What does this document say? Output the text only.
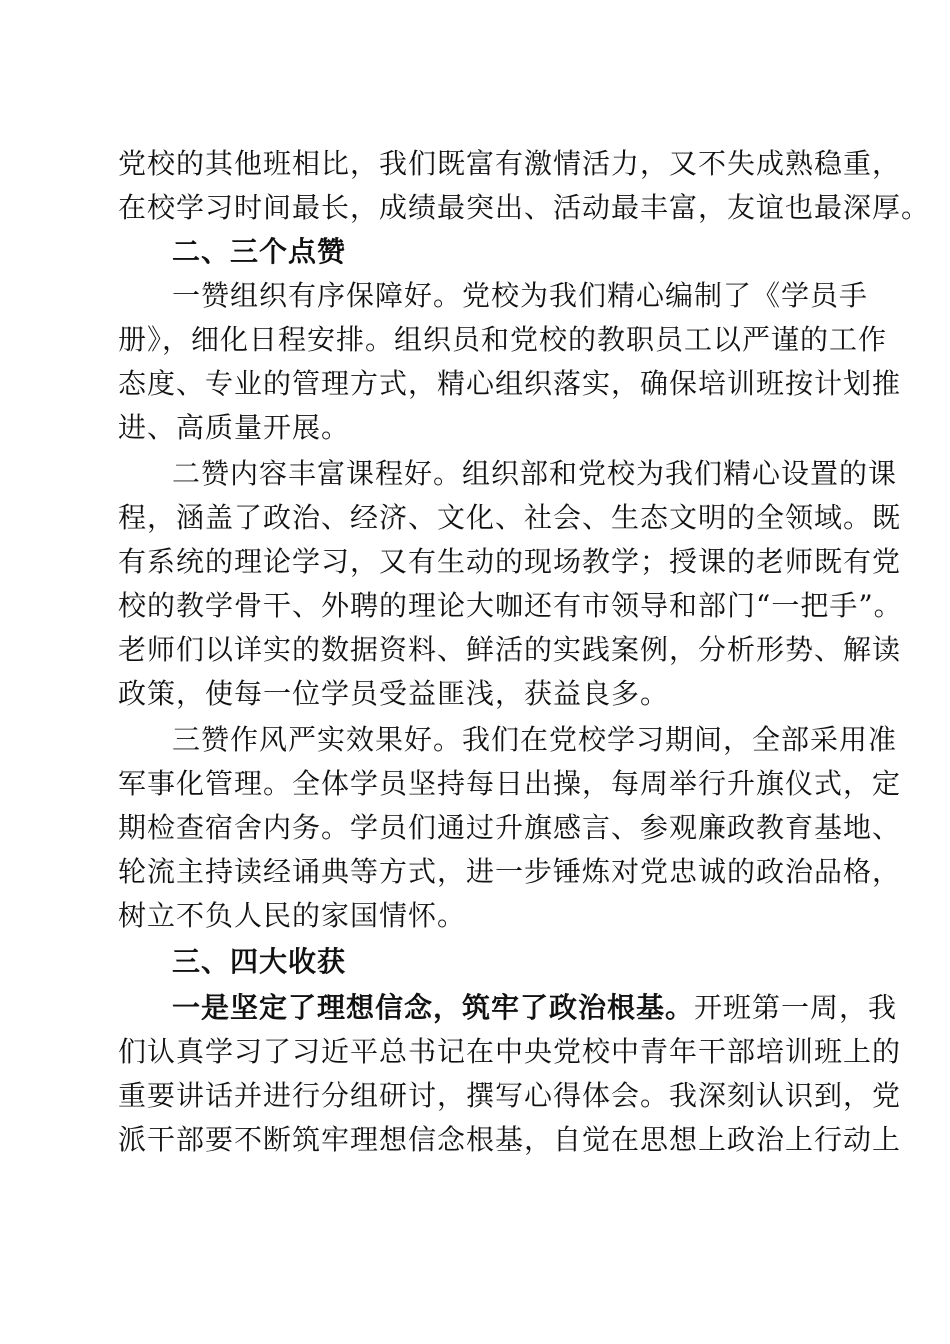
党校的其他班相比，我们既富有激情活力，又不失成熟稳重，
在校学习时间最长，成绩最突出、活动最丰富，友谊也最深厚。
二、三个点赞
一赞组织有序保障好。党校为我们精心编制了《学员手
册》，细化日程安排。组织员和党校的教职员工以严谨的工作
态度、专业的管理方式，精心组织落实，确保培训班按计划推
进、高质量开展。
二赞内容丰富课程好。组织部和党校为我们精心设置的课
程，涵盖了政治、经济、文化、社会、生态文明的全领域。既
有系统的理论学习，又有生动的现场教学；授课的老师既有党
校的教学骨干、外聘的理论大咖还有市领导和部门“一把手”。
老师们以详实的数据资料、鲜活的实践案例，分析形势、解读
政策，使每一位学员受益匪浅，获益良多。
三赞作风严实效果好。我们在党校学习期间，全部采用准
军事化管理。全体学员坚持每日出操，每周举行升旗仪式，定
期检查宿舍内务。学员们通过升旗感言、参观廉政教育基地、
轮流主持读经诵典等方式，进一步锤炼对党忠诚的政治品格，
树立不负人民的家国情怀。
三、四大收获
一是坚定了理想信念，筑牢了政治根基。开班第一周，我
们认真学习了习近平总书记在中央党校中青年干部培训班上的
重要讲话并进行分组研讨，撰写心得体会。我深刻认识到，党
派干部要不断筑牢理想信念根基，自觉在思想上政治上行动上
